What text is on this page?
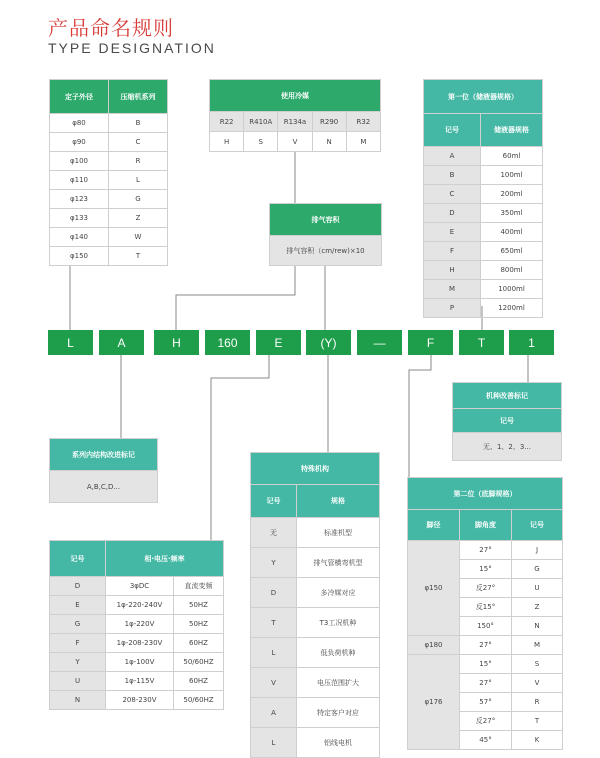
产品命名规则
TYPE DESIGNATION
定子外径	压缩机系列
φ80	B
φ90	C
φ100	R
φ110	L
φ123	G
φ133	Z
φ140	W
φ150	T
使用冷媒				
R22	R410A	R134a	R290	R32
H	S	V	N	M
排气容积
排气容积（cm/rew)×10
第一位（储液器规格）	
记号	储液器规格
A	60ml
B	100ml
C	200ml
D	350ml
E	400ml
F	650ml
H	800ml
M	1000ml
P	1200ml
L	A	H	160	E	(Y)	—	F	T	1
系列内结构改进标记
A,B,C,D...
机种改善标记
记号
无、1、2、3...
特殊机构	
记号	规格
无	标准机型
Y	排气管横弯机型
D	多冷媒对应
T	T3工况机种
L	低负荷机种
V	电压范围扩大
A	特定客户对应
L	铝线电机
记号	相·电压·频率	
D	3φDC	直流变频
E	1φ-220-240V	50HZ
G	1φ-220V	50HZ
F	1φ-208-230V	60HZ
Y	1φ-100V	50/60HZ
U	1φ-115V	60HZ
N	208-230V	50/60HZ
第二位（底脚规格）		
脚径	脚角度	记号
φ150	27°	J
	15°	G
	反27°	U
	反15°	Z
	150°	N
φ180	27°	M
φ176	15°	S
	27°	V
	57°	R
	反27°	T
	45°	K
